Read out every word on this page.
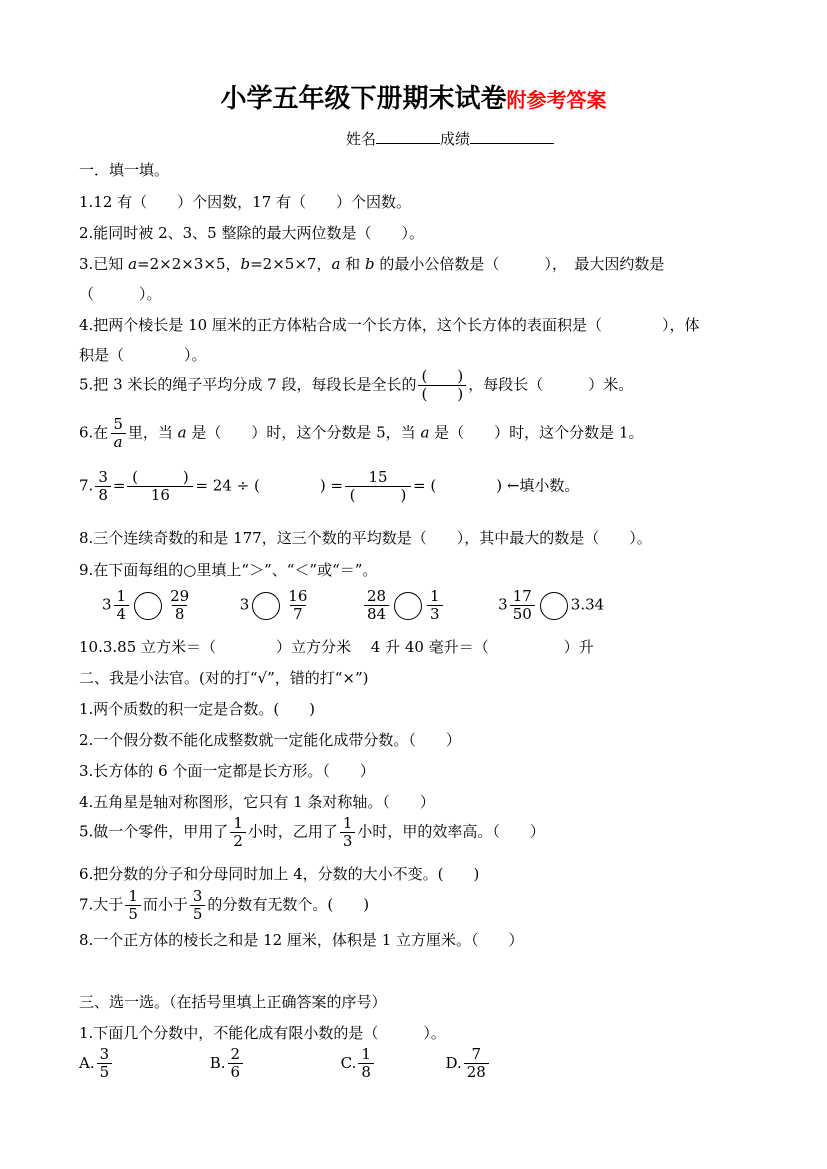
小学五年级下册期末试卷附参考答案
姓名	成绩
一．填一填。
1.12 有（　　）个因数，17 有（　　）个因数。
2.能同时被 2、3、5 整除的最大两位数是（　　）。
3.已知 a=2×2×3×5，b=2×5×7，a 和 b 的最小公倍数是（　　　），　最大因约数是
（　　　）。
4.把两个棱长是 10 厘米的正方体粘合成一个长方体，这个长方体的表面积是（　　　　），体
积是（　　　　）。
5.把 3 米长的绳子平均分成 7 段，每段长是全长的 $\frac{( )}{( )}$ ，每段长（　　　）米。
6.在 $\frac{5}{a}$ 里，当 a 是（　　）时，这个分数是 5，当 a 是（　　）时，这个分数是 1。
7. $\frac{3}{8} = \frac{( )}{16} = 24$ ÷ (　　　　) = $\frac{15}{( )}$ = (　　　　) ←填小数。
8.三个连续奇数的和是 177，这三个数的平均数是（　　），其中最大的数是（　　）。
9.在下面每组的○里填上“＞”、“＜”或“＝”。
$3 \frac{1}{4}$	$\frac{29}{8}$	$3 \frac{16}{7}$
	$\frac{28}{84}$	$\frac{1}{3}$	$3 \frac{17}{50} 3.34$
10.3.85 立方米＝（　　　　）立方分米　 4 升 40 毫升＝（　　　　　）升
二、我是小法官。(对的打“√”，错的打“×”)
1.两个质数的积一定是合数。(　　)
2.一个假分数不能化成整数就一定能化成带分数。（　　）
3.长方体的 6 个面一定都是长方形。（　　）
4.五角星是轴对称图形，它只有 1 条对称轴。（　　）
5.做一个零件，甲用了 $\frac{1}{2}$ 小时，乙用了 $\frac{1}{3}$ 小时，甲的效率高。（　　）
6.把分数的分子和分母同时加上 4，分数的大小不变。(　　)
7.大于 $\frac{1}{5}$ 而小于 $\frac{3}{5}$ 的分数有无数个。(　　)
8.一个正方体的棱长之和是 12 厘米，体积是 1 立方厘米。（　　）
三、选一选。（在括号里填上正确答案的序号）
1.下面几个分数中，不能化成有限小数的是（　　　）。
A. $\frac{3}{5}$	B. $\frac{2}{6}$	C. $\frac{1}{8}$	D. $\frac{7}{28}$
